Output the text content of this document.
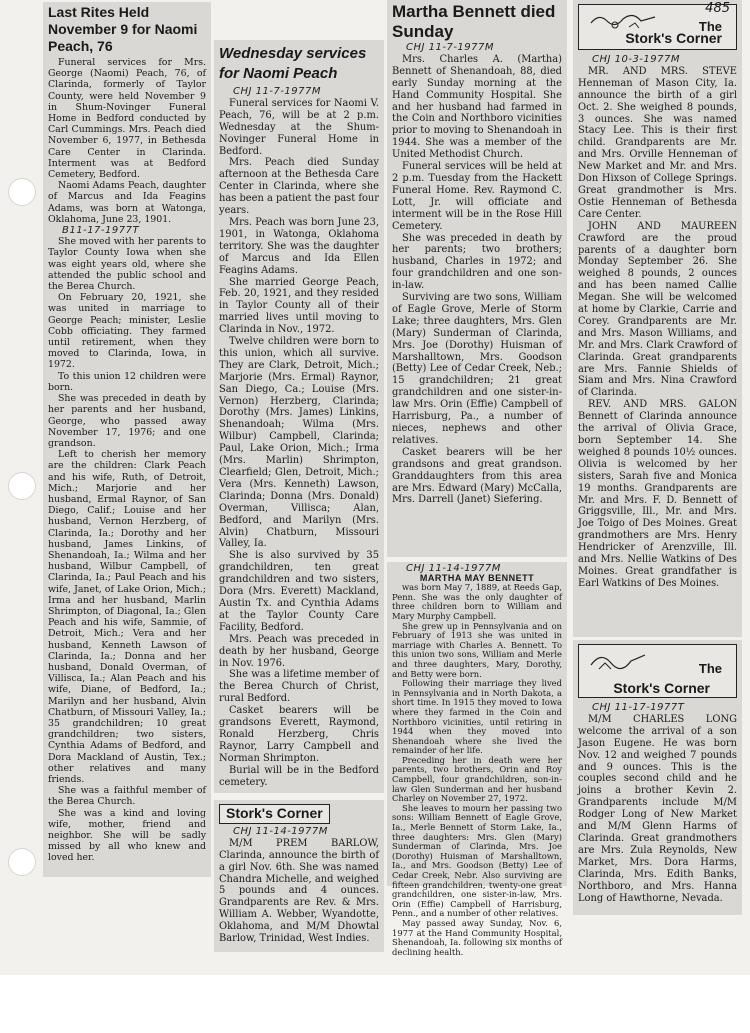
Last Rites Held November 9 for Naomi Peach, 76

Funeral services for Mrs. George (Naomi) Peach, 76, of Clarinda, formerly of Taylor County, were held November 9 in Shum-Novinger Funeral Home in Bedford conducted by Carl Cummings. Mrs. Peach died November 6, 1977, in Bethesda Care Center in Clarinda. Interment was at Bedford Cemetery, Bedford.

Naomi Adams Peach, daughter of Marcus and Ida Feagins Adams, was born at Watonga, Oklahoma, June 23, 1901.

B11-17-1977T

She moved with her parents to Taylor County Iowa when she was eight years old, where she attended the public school and the Berea Church.

On February 20, 1921, she was united in marriage to George Peach; minister, Leslie Cobb officiating. They farmed until retirement, when they moved to Clarinda, Iowa, in 1972.

To this union 12 children were born.

She was preceded in death by her parents and her husband, George, who passed away November 17, 1976; and one grandson.

Left to cherish her memory are the children: Clark Peach and his wife, Ruth, of Detroit, Mich.; Marjorie and her husband, Ermal Raynor, of San Diego, Calif.; Louise and her husband, Vernon Herzberg, of Clarinda, Ia.; Dorothy and her husband, James Linkins, of Shenandoah, Ia.; Wilma and her husband, Wilbur Campbell, of Clarinda, Ia.; Paul Peach and his wife, Janet, of Lake Orion, Mich.; Irma and her husband, Marlin Shrimpton, of Diagonal, Ia.; Glen Peach and his wife, Sammie, of Detroit, Mich.; Vera and her husband, Kenneth Lawson of Clarinda, Ia.; Donna and her husband, Donald Overman, of Villisca, Ia.; Alan Peach and his wife, Diane, of Bedford, Ia.; Marilyn and her husband, Alvin Chatburn, of Missouri Valley, Ia.; 35 grandchildren; 10 great grandchildren; two sisters, Cynthia Adams of Bedford, and Dora Mackland of Austin, Tex.; other relatives and many friends.

She was a faithful member of the Berea Church.

She was a kind and loving wife, mother, friend and neighbor. She will be sadly missed by all who knew and loved her.

Wednesday services for Naomi Peach

CHJ 11-7-1977M

Funeral services for Naomi V. Peach, 76, will be at 2 p.m. Wednesday at the Shum-Novinger Funeral Home in Bedford.

Mrs. Peach died Sunday afternoon at the Bethesda Care Center in Clarinda, where she has been a patient the past four years.

Mrs. Peach was born June 23, 1901, in Watonga, Oklahoma territory. She was the daughter of Marcus and Ida Ellen Feagins Adams.

She married George Peach, Feb. 20, 1921, and they resided in Taylor County all of their married lives until moving to Clarinda in Nov., 1972.

Twelve children were born to this union, which all survive. They are Clark, Detroit, Mich.; Marjorie (Mrs. Ermal) Raynor, San Diego, Ca.; Louise (Mrs. Vernon) Herzberg, Clarinda; Dorothy (Mrs. James) Linkins, Shenandoah; Wilma (Mrs. Wilbur) Campbell, Clarinda; Paul, Lake Orion, Mich.; Irma (Mrs. Marlin) Shrimpton, Clearfield; Glen, Detroit, Mich.; Vera (Mrs. Kenneth) Lawson, Clarinda; Donna (Mrs. Donald) Overman, Villisca; Alan, Bedford, and Marilyn (Mrs. Alvin) Chatburn, Missouri Valley, Ia.

She is also survived by 35 grandchildren, ten great grandchildren and two sisters, Dora (Mrs. Everett) Mackland, Austin Tx. and Cynthia Adams at the Taylor County Care Facility, Bedford.

Mrs. Peach was preceded in death by her husband, George in Nov. 1976.

She was a lifetime member of the Berea Church of Christ, rural Bedford.

Casket bearers will be grandsons Everett, Raymond, Ronald Herzberg, Chris Raynor, Larry Campbell and Norman Shrimpton.

Burial will be in the Bedford cemetery.

Stork's Corner

CHJ 11-14-1977M

M/M PREM BARLOW, Clarinda, announce the birth of a girl Nov. 6th. She was named Chandra Michelle, and weighed 5 pounds and 4 ounces. Grandparents are Rev. & Mrs. William A. Webber, Wyandotte, Oklahoma, and M/M Dhowtal Barlow, Trinidad, West Indies.

Martha Bennett died Sunday

CHJ 11-7-1977M

Mrs. Charles A. (Martha) Bennett of Shenandoah, 88, died early Sunday morning at the Hand Community Hospital. She and her husband had farmed in the Coin and Northboro vicinities prior to moving to Shenandoah in 1944. She was a member of the United Methodist Church.

Funeral services will be held at 2 p.m. Tuesday from the Hackett Funeral Home. Rev. Raymond C. Lott, Jr. will officiate and interment will be in the Rose Hill Cemetery.

She was preceded in death by her parents; two brothers; husband, Charles in 1972; and four grandchildren and one son-in-law.

Surviving are two sons, William of Eagle Grove, Merle of Storm Lake; three daughters, Mrs. Glen (Mary) Sunderman of Clarinda, Mrs. Joe (Dorothy) Huisman of Marshalltown, Mrs. Goodson (Betty) Lee of Cedar Creek, Neb.; 15 grandchildren; 21 great grandchildren and one sister-in-law Mrs. Orin (Effie) Campbell of Harrisburg, Pa., a number of nieces, nephews and other relatives.

Casket bearers will be her grandsons and great grandson. Granddaughters from this area are Mrs. Edward (Mary) McCalla, Mrs. Darrell (Janet) Siefering.

CHJ 11-14-1977M

MARTHA MAY BENNETT

was born May 7, 1889, at Reeds Gap, Penn. She was the only daughter of three children born to William and Mary Murphy Campbell.

She grew up in Pennsylvania and on February of 1913 she was united in marriage with Charles A. Bennett. To this union two sons, William and Merle and three daughters, Mary, Dorothy, and Betty were born.

Following their marriage they lived in Pennsylvania and in North Dakota, a short time. In 1915 they moved to Iowa where they farmed in the Coin and Northboro vicinities, until retiring in 1944 when they moved into Shenandoah where she lived the remainder of her life.

Preceding her in death were her parents, two brothers, Orin and Roy Campbell, four grandchildren, son-in-law Glen Sunderman and her husband Charley on November 27, 1972.

She leaves to mourn her passing two sons: William Bennett of Eagle Grove, Ia., Merle Bennett of Storm Lake, Ia., three daughters: Mrs. Glen (Mary) Sunderman of Clarinda, Mrs. Joe (Dorothy) Huisman of Marshalltown, Ia., and Mrs. Goodson (Betty) Lee of Cedar Creek, Nebr. Also surviving are fifteen grandchildren, twenty-one great grandchildren, one sister-in-law, Mrs. Orin (Effie) Campbell of Harrisburg, Penn., and a number of other relatives.

May passed away Sunday, Nov. 6, 1977 at the Hand Community Hospital, Shenandoah, Ia. following six months of declining health.

485
The
Stork's Corner

CHJ 10-3-1977M

MR. AND MRS. STEVE Henneman of Mason City, Ia. announce the birth of a girl Oct. 2. She weighed 8 pounds, 3 ounces. She was named Stacy Lee. This is their first child. Grandparents are Mr. and Mrs. Orville Henneman of New Market and Mr. and Mrs. Don Hixson of College Springs. Great grandmother is Mrs. Ostie Henneman of Bethesda Care Center.

JOHN AND MAUREEN Crawford are the proud parents of a daughter born Monday September 26. She weighed 8 pounds, 2 ounces and has been named Callie Megan. She will be welcomed at home by Clarkie, Carrie and Corey. Grandparents are Mr. and Mrs. Mason Williams, and Mr. and Mrs. Clark Crawford of Clarinda. Great grandparents are Mrs. Fannie Shields of Siam and Mrs. Nina Crawford of Clarinda.

REV. AND MRS. GALON Bennett of Clarinda announce the arrival of Olivia Grace, born September 14. She weighed 8 pounds 10½ ounces. Olivia is welcomed by her sisters, Sarah five and Monica 19 months. Grandparents are Mr. and Mrs. F. D. Bennett of Griggsville, Ill., Mr. and Mrs. Joe Toigo of Des Moines. Great grandmothers are Mrs. Henry Hendricker of Arenzville, Ill. and Mrs. Nellie Watkins of Des Moines. Great grandfather is Earl Watkins of Des Moines.

The
Stork's Corner

CHJ 11-17-1977T

M/M CHARLES LONG welcome the arrival of a son Jason Eugene. He was born Nov. 12 and weighed 7 pounds and 9 ounces. This is the couples second child and he joins a brother Kevin 2. Grandparents include M/M Rodger Long of New Market and M/M Glenn Harms of Clarinda. Great grandmothers are Mrs. Zula Reynolds, New Market, Mrs. Dora Harms, Clarinda, Mrs. Edith Banks, Northboro, and Mrs. Hanna Long of Hawthorne, Nevada.
